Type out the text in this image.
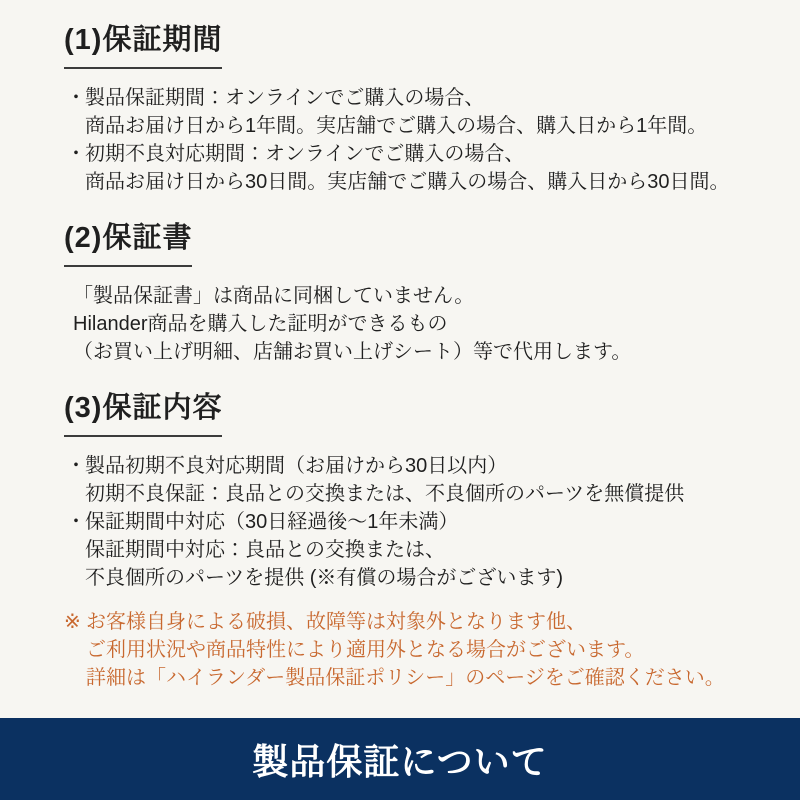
(1)保証期間
・ 製品保証期間：オンラインでご購入の場合、
商品お届け日から1年間。実店舗でご購入の場合、購入日から1年間。
・ 初期不良対応期間：オンラインでご購入の場合、
商品お届け日から30日間。実店舗でご購入の場合、購入日から30日間。
(2)保証書
「製品保証書」は商品に同梱していません。
Hilander商品を購入した証明ができるもの
（お買い上げ明細、店舗お買い上げシート）等で代用します。
(3)保証内容
・ 製品初期不良対応期間（お届けから30日以内）
初期不良保証：良品との交換または、不良個所のパーツを無償提供
・ 保証期間中対応（30日経過後〜1年未満）
保証期間中対応：良品との交換または、
不良個所のパーツを提供 (※有償の場合がございます)
※ お客様自身による破損、故障等は対象外となります他、
ご利用状況や商品特性により適用外となる場合がございます。
詳細は「ハイランダー製品保証ポリシー」のページをご確認ください。
製品保証について
